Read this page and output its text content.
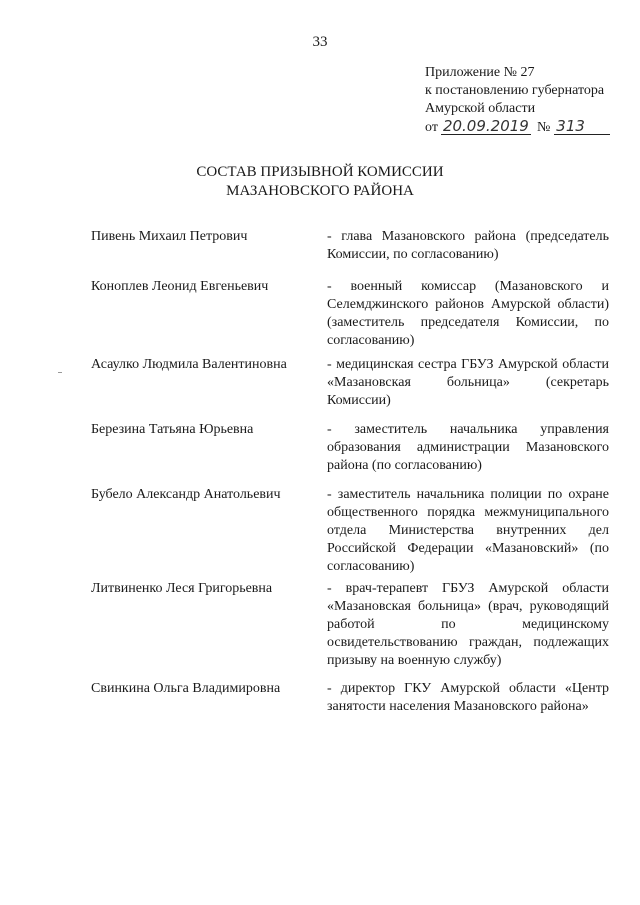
33
Приложение № 27
к постановлению губернатора
Амурской области
от 20.09.2019 № 313
СОСТАВ ПРИЗЫВНОЙ КОМИССИИ
МАЗАНОВСКОГО РАЙОНА
Пивень Михаил Петрович	- глава Мазановского района (председатель Комиссии, по согласованию)
Коноплев Леонид Евгеньевич	- военный комиссар (Мазановского и Селемджинского районов Амурской области) (заместитель председателя Комиссии, по согласованию)
Асаулко Людмила Валентиновна	- медицинская сестра ГБУЗ Амурской области «Мазановская больница» (секретарь Комиссии)
Березина Татьяна Юрьевна	- заместитель начальника управления образования администрации Мазановского района (по согласованию)
Бубело Александр Анатольевич	- заместитель начальника полиции по охране общественного порядка межмуниципального отдела Министерства внутренних дел Российской Федерации «Мазановский» (по согласованию)
Литвиненко Леся Григорьевна	- врач-терапевт ГБУЗ Амурской области «Мазановская больница» (врач, руководящий работой по медицинскому освидетельствованию граждан, подлежащих призыву на военную службу)
Свинкина Ольга Владимировна	- директор ГКУ Амурской области «Центр занятости населения Мазановского района»
